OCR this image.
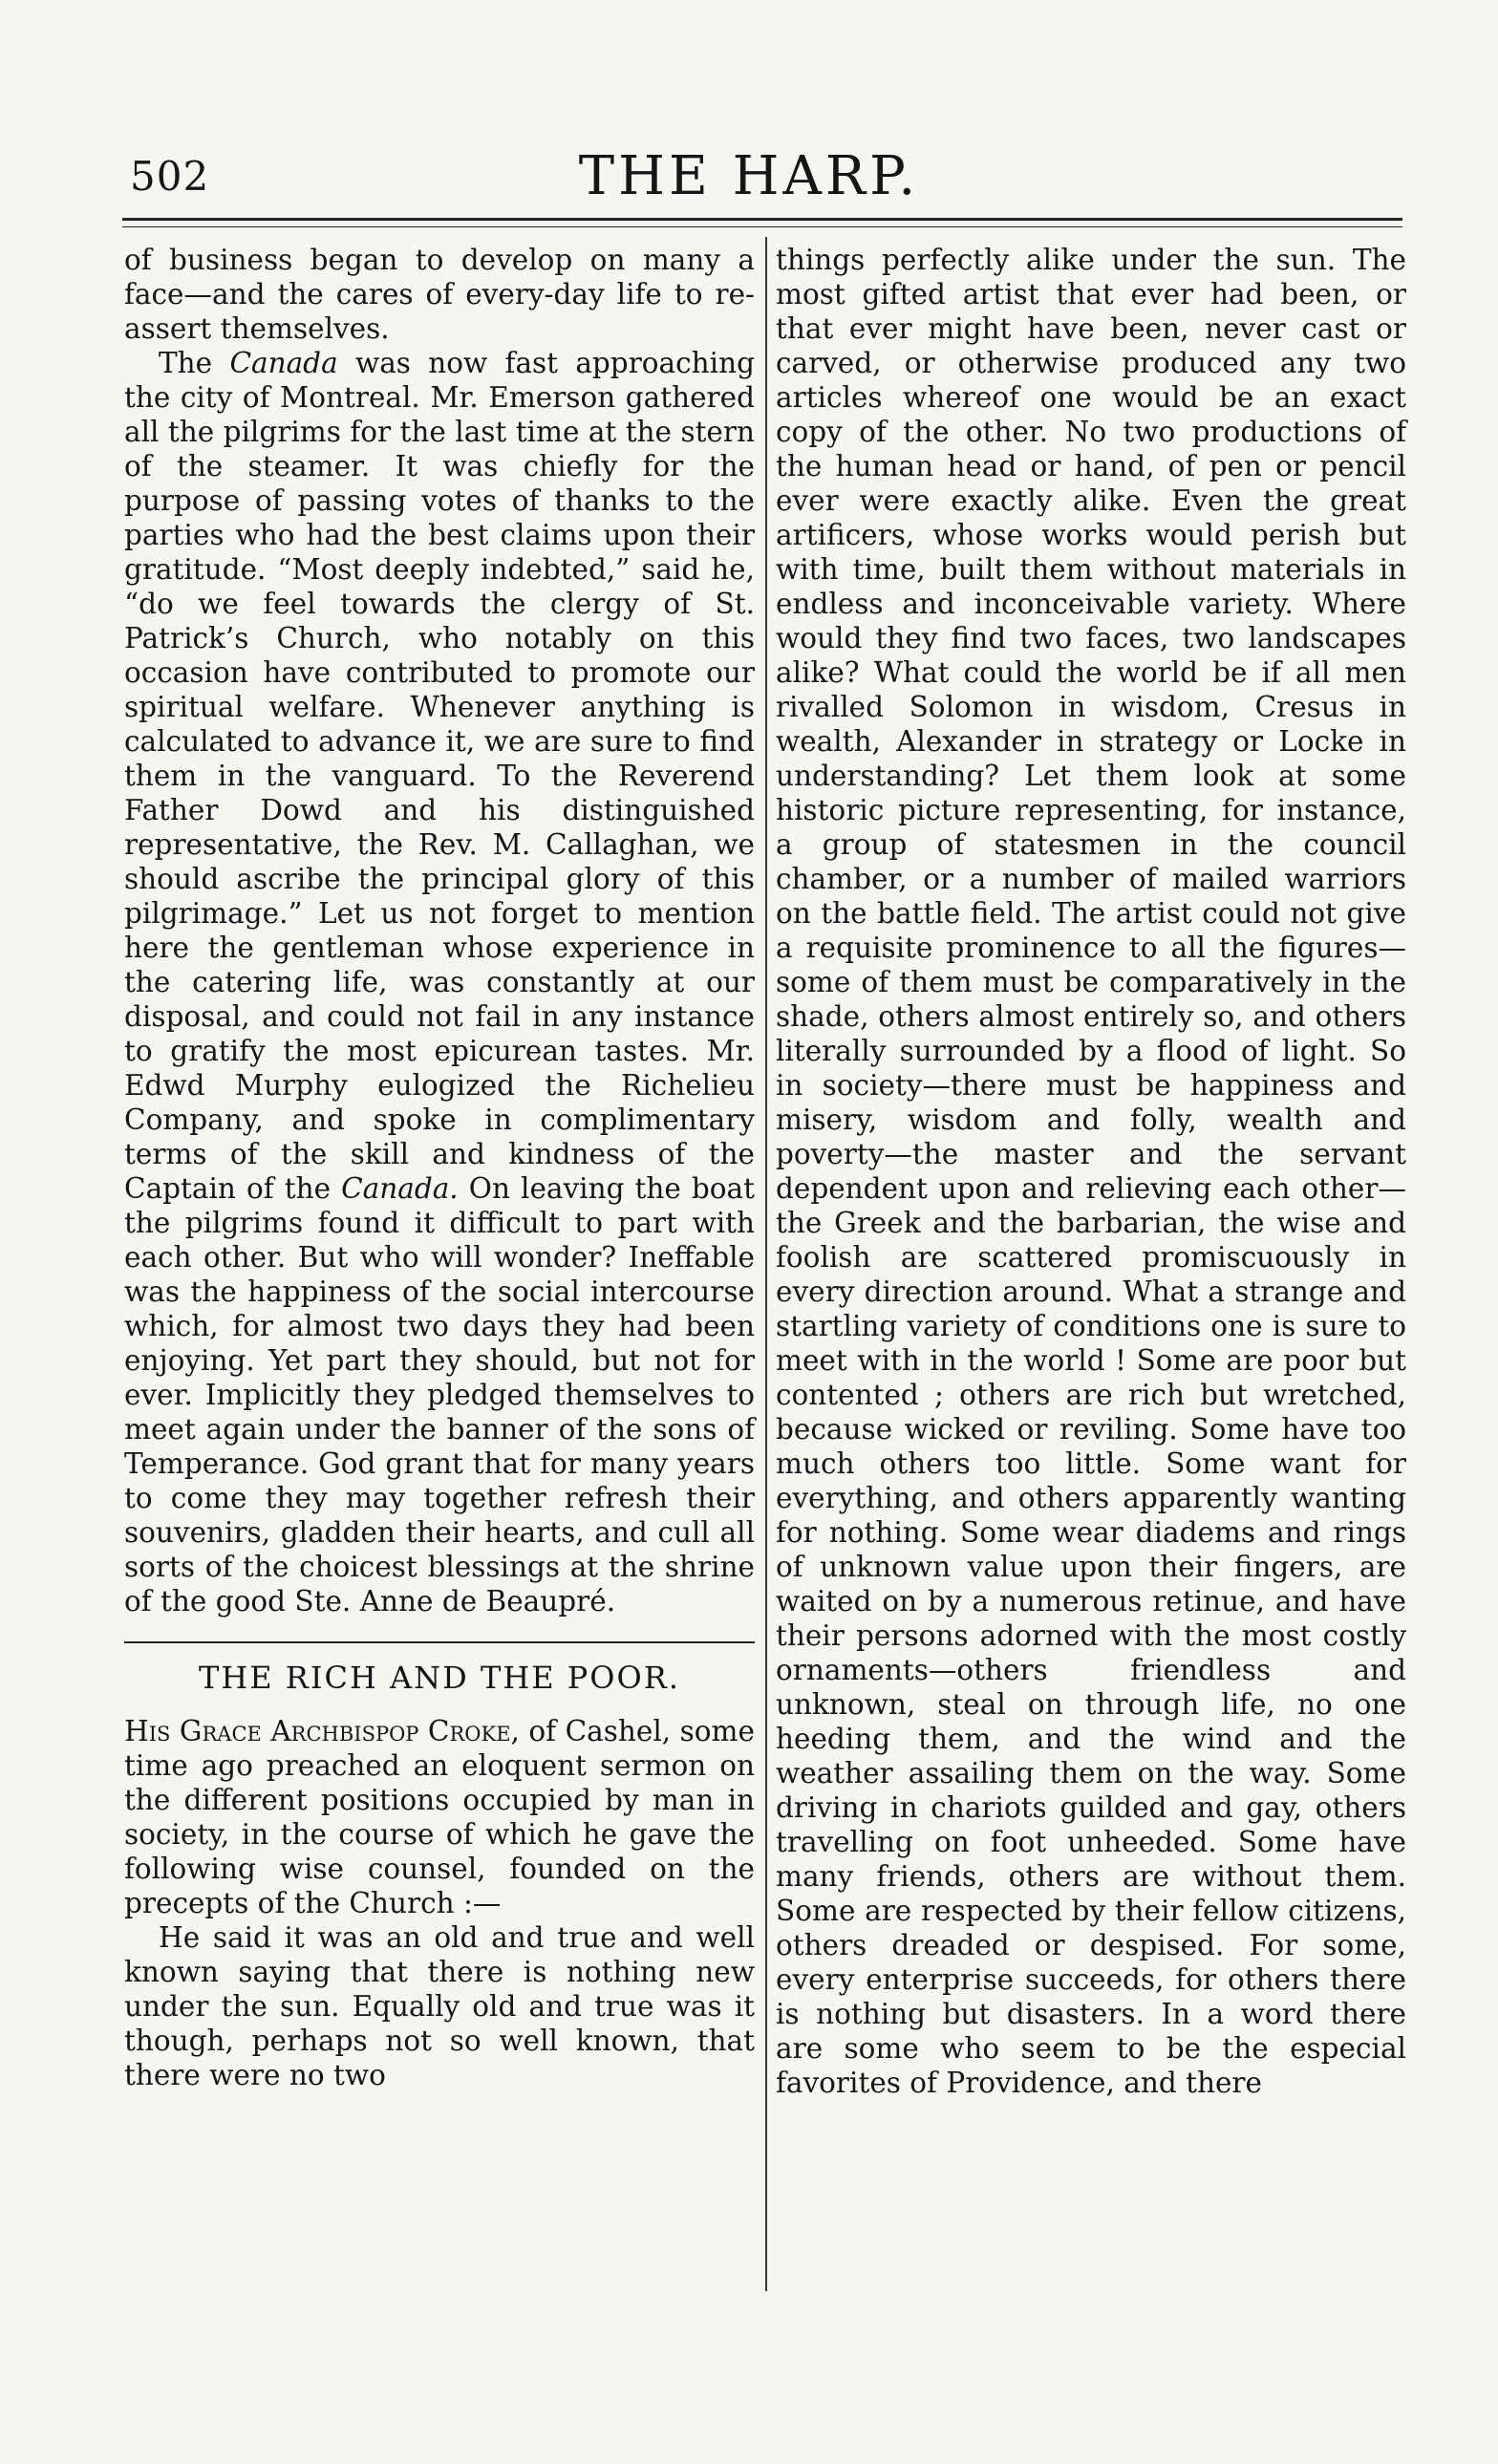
502	THE HARP.

of business began to develop on many a face—and the cares of every-day life to re-assert themselves.

The Canada was now fast approaching the city of Montreal. Mr. Emerson gathered all the pilgrims for the last time at the stern of the steamer. It was chiefly for the purpose of passing votes of thanks to the parties who had the best claims upon their gratitude. “Most deeply indebted,” said he, “do we feel towards the clergy of St. Patrick’s Church, who notably on this occasion have contributed to promote our spiritual welfare. Whenever anything is calculated to advance it, we are sure to find them in the vanguard. To the Reverend Father Dowd and his distinguished representative, the Rev. M. Callaghan, we should ascribe the principal glory of this pilgrimage.” Let us not forget to mention here the gentleman whose experience in the catering life, was constantly at our disposal, and could not fail in any instance to gratify the most epicurean tastes. Mr. Edwd Murphy eulogized the Richelieu Company, and spoke in complimentary terms of the skill and kindness of the Captain of the Canada. On leaving the boat the pilgrims found it difficult to part with each other. But who will wonder? Ineffable was the happiness of the social intercourse which, for almost two days they had been enjoying. Yet part they should, but not for ever. Implicitly they pledged themselves to meet again under the banner of the sons of Temperance. God grant that for many years to come they may together refresh their souvenirs, gladden their hearts, and cull all sorts of the choicest blessings at the shrine of the good Ste. Anne de Beaupré.

THE RICH AND THE POOR.

His Grace Archbispop Croke, of Cashel, some time ago preached an eloquent sermon on the different positions occupied by man in society, in the course of which he gave the following wise counsel, founded on the precepts of the Church :—

He said it was an old and true and well known saying that there is nothing new under the sun. Equally old and true was it though, perhaps not so well known, that there were no two

things perfectly alike under the sun. The most gifted artist that ever had been, or that ever might have been, never cast or carved, or otherwise produced any two articles whereof one would be an exact copy of the other. No two productions of the human head or hand, of pen or pencil ever were exactly alike. Even the great artificers, whose works would perish but with time, built them without materials in endless and inconceivable variety. Where would they find two faces, two landscapes alike? What could the world be if all men rivalled Solomon in wisdom, Cresus in wealth, Alexander in strategy or Locke in understanding? Let them look at some historic picture representing, for instance, a group of statesmen in the council chamber, or a number of mailed warriors on the battle field. The artist could not give a requisite prominence to all the figures—some of them must be comparatively in the shade, others almost entirely so, and others literally surrounded by a flood of light. So in society—there must be happiness and misery, wisdom and folly, wealth and poverty—the master and the servant dependent upon and relieving each other—the Greek and the barbarian, the wise and foolish are scattered promiscuously in every direction around. What a strange and startling variety of conditions one is sure to meet with in the world ! Some are poor but contented ; others are rich but wretched, because wicked or reviling. Some have too much others too little. Some want for everything, and others apparently wanting for nothing. Some wear diadems and rings of unknown value upon their fingers, are waited on by a numerous retinue, and have their persons adorned with the most costly ornaments—others friendless and unknown, steal on through life, no one heeding them, and the wind and the weather assailing them on the way. Some driving in chariots guilded and gay, others travelling on foot unheeded. Some have many friends, others are without them. Some are respected by their fellow citizens, others dreaded or despised. For some, every enterprise succeeds, for others there is nothing but disasters. In a word there are some who seem to be the especial favorites of Providence, and there
